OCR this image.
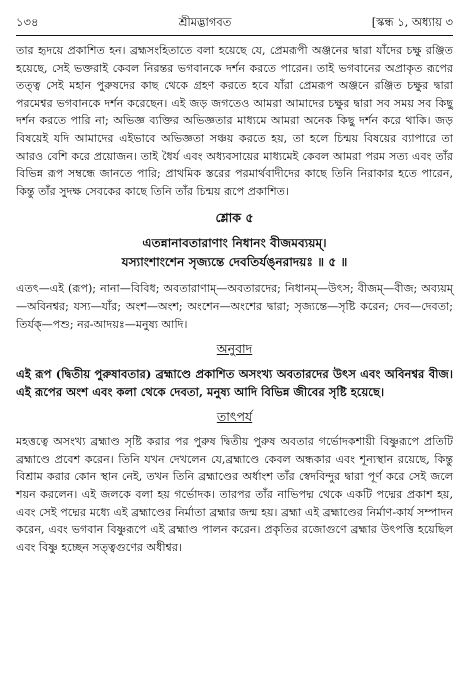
১৩৪	শ্রীমদ্ভাগবত	[স্কন্ধ ১, অধ্যায় ৩

তার হৃদয়ে প্রকাশিত হন। ব্রহ্মসংহিতাতে বলা হয়েছে যে, প্রেমরূপী অঞ্জনের দ্বারা যাঁদের চক্ষু রঞ্জিত হয়েছে, সেই ভক্তরাই কেবল নিরন্তর ভগবানকে দর্শন করতে পারেন। তাই ভগবানের অপ্রাকৃত রূপের তত্ত্ব সেই মহান পুরুষদের কাছ থেকে গ্রহণ করতে হবে যাঁরা প্রেমরূপ অঞ্জনে রঞ্জিত চক্ষুর দ্বারা পরমেশ্বর ভগবানকে দর্শন করেছেন। এই জড় জগতেও আমরা আমাদের চক্ষুর দ্বারা সব সময় সব কিছু দর্শন করতে পারি না; অভিজ্ঞ ব্যক্তির অভিজ্ঞতার মাধ্যমে আমরা অনেক কিছু দর্শন করে থাকি। জড় বিষয়েই যদি আমাদের এইভাবে অভিজ্ঞতা সঞ্চয় করতে হয়, তা হলে চিন্ময় বিষয়ের ব্যাপারে তা আরও বেশি করে প্রয়োজন। তাই ধৈর্য এবং অধ্যবসায়ের মাধ্যমেই কেবল আমরা পরম সত্য এবং তাঁর বিভিন্ন রূপ সম্বন্ধে জানতে পারি; প্রাথমিক স্তরের পরমার্থবাদীদের কাছে তিনি নিরাকার হতে পারেন, কিন্তু তাঁর সুদক্ষ সেবকের কাছে তিনি তাঁর চিন্ময় রূপে প্রকাশিত।

শ্লোক ৫

এতন্নানাবতারাণাং নিধানং বীজমব্যয়ম্।

যস্যাংশাংশেন সৃজ্যন্তে দেবতির্যঙ্নরাদয়ঃ ॥ ৫ ॥

এতৎ—এই (রূপ); নানা—বিবিধ; অবতারাণাম্—অবতারদের; নিধানম্—উৎস; বীজম্—বীজ; অব্যয়ম্—অবিনশ্বর; যস্য—যাঁর; অংশ—অংশ; অংশেন—অংশের দ্বারা; সৃজ্যন্তে—সৃষ্টি করেন; দেব—দেবতা; তির্যক্—পশু; নর-আদয়ঃ—মনুষ্য আদি।

অনুবাদ

এই রূপ (দ্বিতীয় পুরুষাবতার) ব্রহ্মাণ্ডে প্রকাশিত অসংখ্য অবতারদের উৎস এবং অবিনশ্বর বীজ। এই রূপের অংশ এবং কলা থেকে দেবতা, মনুষ্য আদি বিভিন্ন জীবের সৃষ্টি হয়েছে।

তাৎপর্য

মহত্তত্বে অসংখ্য ব্রহ্মাণ্ড সৃষ্টি করার পর পুরুষ দ্বিতীয় পুরুষ অবতার গর্ভোদকশায়ী বিষ্ণুরূপে প্রতিটি ব্রহ্মাণ্ডে প্রবেশ করেন। তিনি যখন দেখলেন যে,ব্রহ্মাণ্ডে কেবল অন্ধকার এবং শূন্যস্থান রয়েছে, কিন্তু বিশ্রাম করার কোন স্থান নেই, তখন তিনি ব্রহ্মাণ্ডের অর্ধাংশ তাঁর স্বেদবিন্দুর দ্বারা পূর্ণ করে সেই জলে শয়ন করলেন। এই জলকে বলা হয় গর্ভোদক। তারপর তাঁর নাভিপদ্ম থেকে একটি পদ্মের প্রকাশ হয়, এবং সেই পদ্মের মধ্যে এই ব্রহ্মাণ্ডের নির্মাতা ব্রহ্মার জন্ম হয়। ব্রহ্মা এই ব্রহ্মাণ্ডের নির্মাণ-কার্য সম্পাদন করেন, এবং ভগবান বিষ্ণুরূপে এই ব্রহ্মাণ্ড পালন করেন। প্রকৃতির রজোগুণে ব্রহ্মার উৎপত্তি হয়েছিল এবং বিষ্ণু হচ্ছেন সত্ত্বগুণের অধীশ্বর।
